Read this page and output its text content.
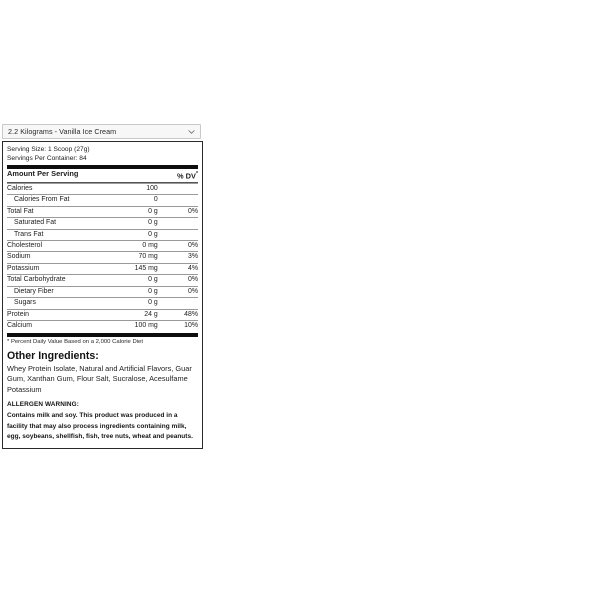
2.2 Kilograms - Vanilla Ice Cream
Serving Size: 1 Scoop (27g)
Servings Per Container: 84
Amount Per Serving	% DV*
Calories	100	
Calories From Fat	0	
Total Fat	0 g	0%
Saturated Fat	0 g	
Trans Fat	0 g	
Cholesterol	0 mg	0%
Sodium	70 mg	3%
Potassium	145 mg	4%
Total Carbohydrate	0 g	0%
Dietary Fiber	0 g	0%
Sugars	0 g	
Protein	24 g	48%
Calcium	100 mg	10%
* Percent Daily Value Based on a 2,000 Calorie Diet
Other Ingredients:
Whey Protein Isolate, Natural and Artificial Flavors, Guar Gum, Xanthan Gum, Flour Salt, Sucralose, Acesulfame Potassium
ALLERGEN WARNING:
Contains milk and soy. This product was produced in a facility that may also process ingredients containing milk, egg, soybeans, shellfish, fish, tree nuts, wheat and peanuts.
